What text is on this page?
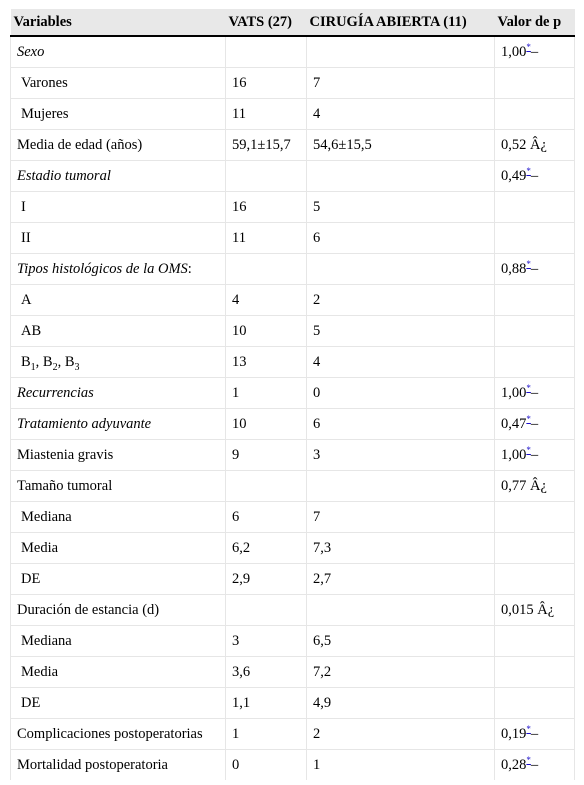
Variables	VATS (27)	CIRUGÍA ABIERTA (11)	Valor de p
Sexo			1,00*–
Varones	16	7	
Mujeres	11	4	
Media de edad (años)	59,1±15,7	54,6±15,5	0,52 Â¿
Estadio tumoral			0,49*–
I	16	5	
II	11	6	
Tipos histológicos de la OMS:			0,88*–
A	4	2	
AB	10	5	
$B_1$, $B_2$, $B_3$	13	4	
Recurrencias	1	0	1,00*–
Tratamiento adyuvante	10	6	0,47*–
Miastenia gravis	9	3	1,00*–
Tamaño tumoral			0,77 Â¿
Mediana	6	7	
Media	6,2	7,3	
DE	2,9	2,7	
Duración de estancia (d)			0,015 Â¿
Mediana	3	6,5	
Media	3,6	7,2	
DE	1,1	4,9	
Complicaciones postoperatorias	1	2	0,19*–
Mortalidad postoperatoria	0	1	0,28*–
